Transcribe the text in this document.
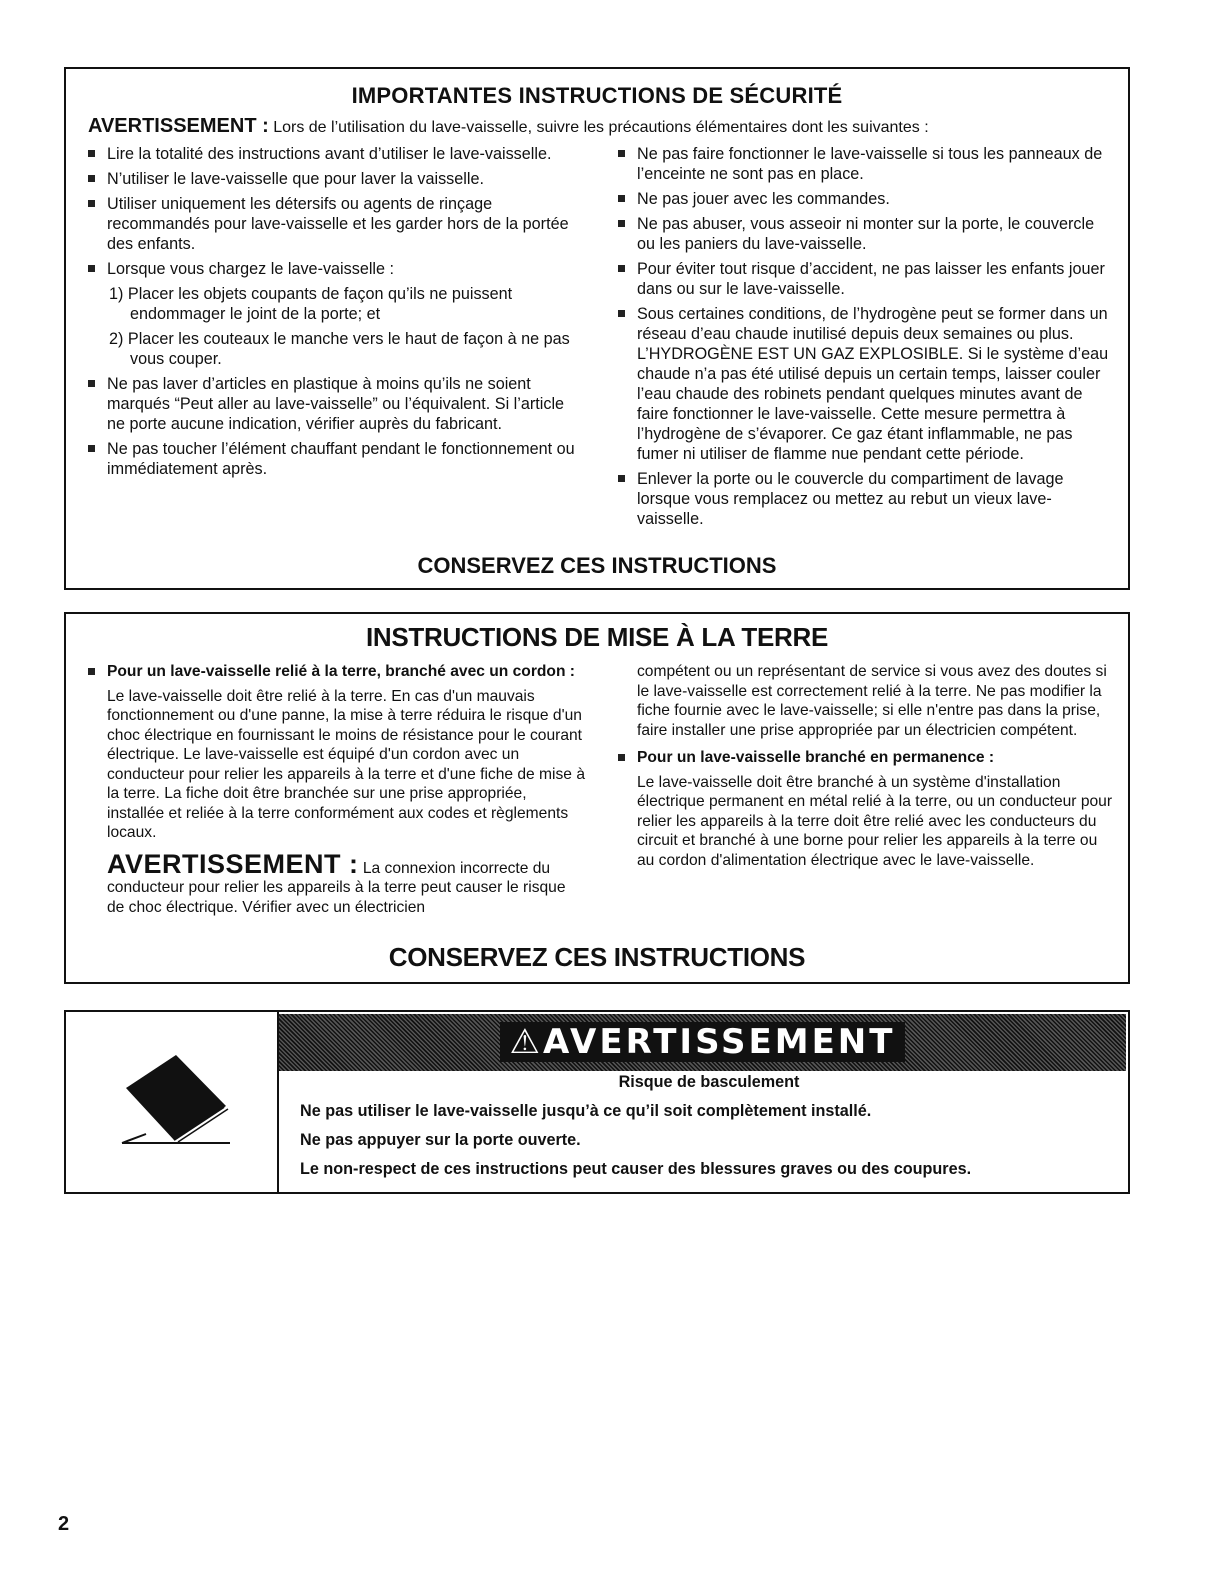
IMPORTANTES INSTRUCTIONS DE SÉCURITÉ
AVERTISSEMENT : Lors de l’utilisation du lave-vaisselle, suivre les précautions élémentaires dont les suivantes :
Lire la totalité des instructions avant d’utiliser le lave-vaisselle.
N’utiliser le lave-vaisselle que pour laver la vaisselle.
Utiliser uniquement les détersifs ou agents de rinçage recommandés pour lave-vaisselle et les garder hors de la portée des enfants.
Lorsque vous chargez le lave-vaisselle :
1) Placer les objets coupants de façon qu’ils ne puissent endommager le joint de la porte; et
2) Placer les couteaux le manche vers le haut de façon à ne pas vous couper.
Ne pas laver d’articles en plastique à moins qu’ils ne soient marqués “Peut aller au lave-vaisselle” ou l’équivalent. Si l’article ne porte aucune indication, vérifier auprès du fabricant.
Ne pas toucher l’élément chauffant pendant le fonctionnement ou immédiatement après.
Ne pas faire fonctionner le lave-vaisselle si tous les panneaux de l’enceinte ne sont pas en place.
Ne pas jouer avec les commandes.
Ne pas abuser, vous asseoir ni monter sur la porte, le couvercle ou les paniers du lave-vaisselle.
Pour éviter tout risque d’accident, ne pas laisser les enfants jouer dans ou sur le lave-vaisselle.
Sous certaines conditions, de l’hydrogène peut se former dans un réseau d’eau chaude inutilisé depuis deux semaines ou plus. L’HYDROGÈNE EST UN GAZ EXPLOSIBLE. Si le système d’eau chaude n’a pas été utilisé depuis un certain temps, laisser couler l’eau chaude des robinets pendant quelques minutes avant de faire fonctionner le lave-vaisselle. Cette mesure permettra à l’hydrogène de s’évaporer. Ce gaz étant inflammable, ne pas fumer ni utiliser de flamme nue pendant cette période.
Enlever la porte ou le couvercle du compartiment de lavage lorsque vous remplacez ou mettez au rebut un vieux lave-vaisselle.
CONSERVEZ CES INSTRUCTIONS
INSTRUCTIONS DE MISE À LA TERRE
Pour un lave-vaisselle relié à la terre, branché avec un cordon :
Le lave-vaisselle doit être relié à la terre. En cas d'un mauvais fonctionnement ou d'une panne, la mise à terre réduira le risque d'un choc électrique en fournissant le moins de résistance pour le courant électrique. Le lave-vaisselle est équipé d'un cordon avec un conducteur pour relier les appareils à la terre et d'une fiche de mise à la terre. La fiche doit être branchée sur une prise appropriée, installée et reliée à la terre conformément aux codes et règlements locaux.
AVERTISSEMENT : La connexion incorrecte du conducteur pour relier les appareils à la terre peut causer le risque de choc électrique. Vérifier avec un électricien
compétent ou un représentant de service si vous avez des doutes si le lave-vaisselle est correctement relié à la terre. Ne pas modifier la fiche fournie avec le lave-vaisselle; si elle n'entre pas dans la prise, faire installer une prise appropriée par un électricien compétent.
Pour un lave-vaisselle branché en permanence :
Le lave-vaisselle doit être branché à un système d'installation électrique permanent en métal relié à la terre, ou un conducteur pour relier les appareils à la terre doit être relié avec les conducteurs du circuit et branché à une borne pour relier les appareils à la terre ou au cordon d'alimentation électrique avec le lave-vaisselle.
CONSERVEZ CES INSTRUCTIONS
⚠AVERTISSEMENT
Risque de basculement
Ne pas utiliser le lave-vaisselle jusqu’à ce qu’il soit complètement installé.
Ne pas appuyer sur la porte ouverte.
Le non-respect de ces instructions peut causer des blessures graves ou des coupures.
2
